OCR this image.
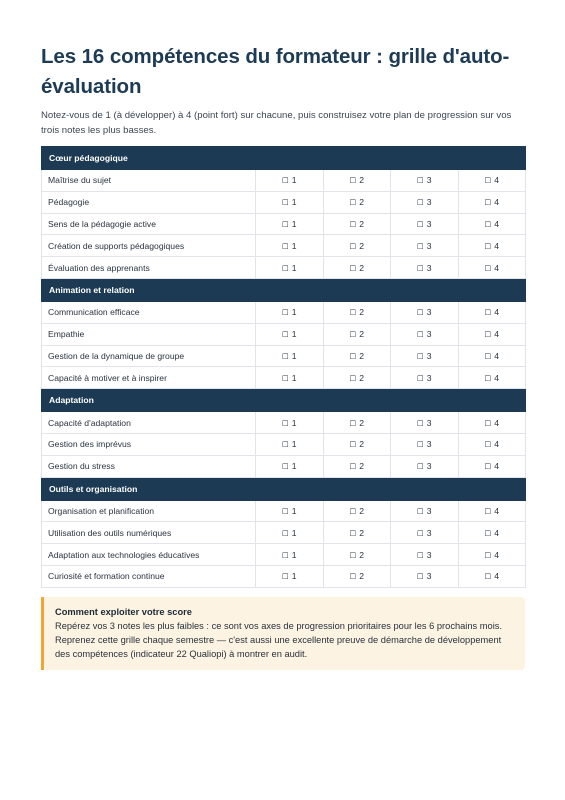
Les 16 compétences du formateur : grille d'auto-évaluation

Notez-vous de 1 (à développer) à 4 (point fort) sur chacune, puis construisez votre plan de progression sur vos trois notes les plus basses.

Cœur pédagogique				
Maîtrise du sujet	☐ 1	☐ 2	☐ 3	☐ 4
Pédagogie	☐ 1	☐ 2	☐ 3	☐ 4
Sens de la pédagogie active	☐ 1	☐ 2	☐ 3	☐ 4
Création de supports pédagogiques	☐ 1	☐ 2	☐ 3	☐ 4
Évaluation des apprenants	☐ 1	☐ 2	☐ 3	☐ 4
Animation et relation				
Communication efficace	☐ 1	☐ 2	☐ 3	☐ 4
Empathie	☐ 1	☐ 2	☐ 3	☐ 4
Gestion de la dynamique de groupe	☐ 1	☐ 2	☐ 3	☐ 4
Capacité à motiver et à inspirer	☐ 1	☐ 2	☐ 3	☐ 4
Adaptation				
Capacité d'adaptation	☐ 1	☐ 2	☐ 3	☐ 4
Gestion des imprévus	☐ 1	☐ 2	☐ 3	☐ 4
Gestion du stress	☐ 1	☐ 2	☐ 3	☐ 4
Outils et organisation				
Organisation et planification	☐ 1	☐ 2	☐ 3	☐ 4
Utilisation des outils numériques	☐ 1	☐ 2	☐ 3	☐ 4
Adaptation aux technologies éducatives	☐ 1	☐ 2	☐ 3	☐ 4
Curiosité et formation continue	☐ 1	☐ 2	☐ 3	☐ 4
Comment exploiter votre score
Repérez vos 3 notes les plus faibles : ce sont vos axes de progression prioritaires pour les 6 prochains mois. Reprenez cette grille chaque semestre — c'est aussi une excellente preuve de démarche de développement des compétences (indicateur 22 Qualiopi) à montrer en audit.
